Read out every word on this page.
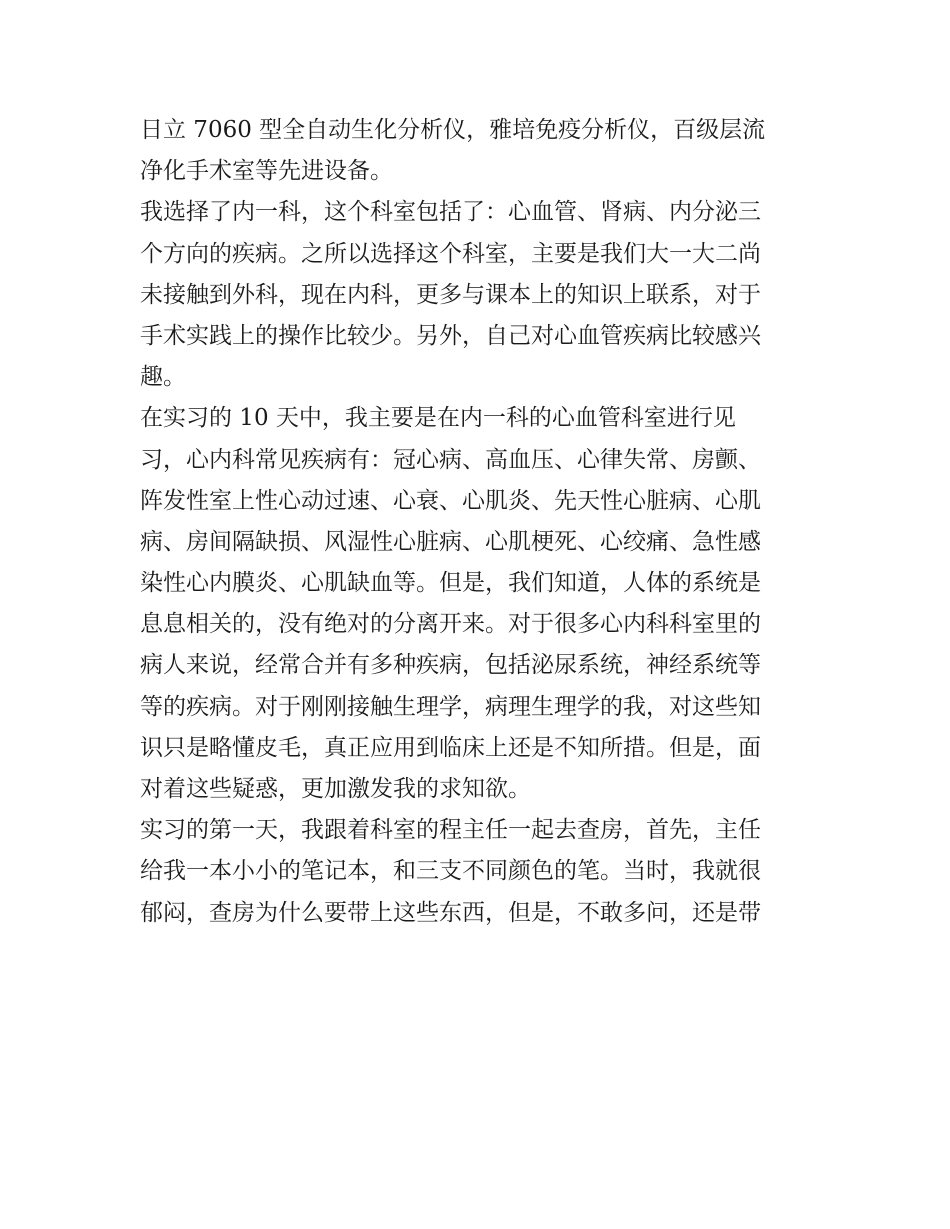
日立 7060 型全自动生化分析仪，雅培免疫分析仪，百级层流
净化手术室等先进设备。
我选择了内一科，这个科室包括了：心血管、肾病、内分泌三
个方向的疾病。之所以选择这个科室，主要是我们大一大二尚
未接触到外科，现在内科，更多与课本上的知识上联系，对于
手术实践上的操作比较少。另外，自己对心血管疾病比较感兴
趣。
在实习的 10 天中，我主要是在内一科的心血管科室进行见
习，心内科常见疾病有：冠心病、高血压、心律失常、房颤、
阵发性室上性心动过速、心衰、心肌炎、先天性心脏病、心肌
病、房间隔缺损、风湿性心脏病、心肌梗死、心绞痛、急性感
染性心内膜炎、心肌缺血等。但是，我们知道，人体的系统是
息息相关的，没有绝对的分离开来。对于很多心内科科室里的
病人来说，经常合并有多种疾病，包括泌尿系统，神经系统等
等的疾病。对于刚刚接触生理学，病理生理学的我，对这些知
识只是略懂皮毛，真正应用到临床上还是不知所措。但是，面
对着这些疑惑，更加激发我的求知欲。
实习的第一天，我跟着科室的程主任一起去查房，首先，主任
给我一本小小的笔记本，和三支不同颜色的笔。当时，我就很
郁闷，查房为什么要带上这些东西，但是，不敢多问，还是带
